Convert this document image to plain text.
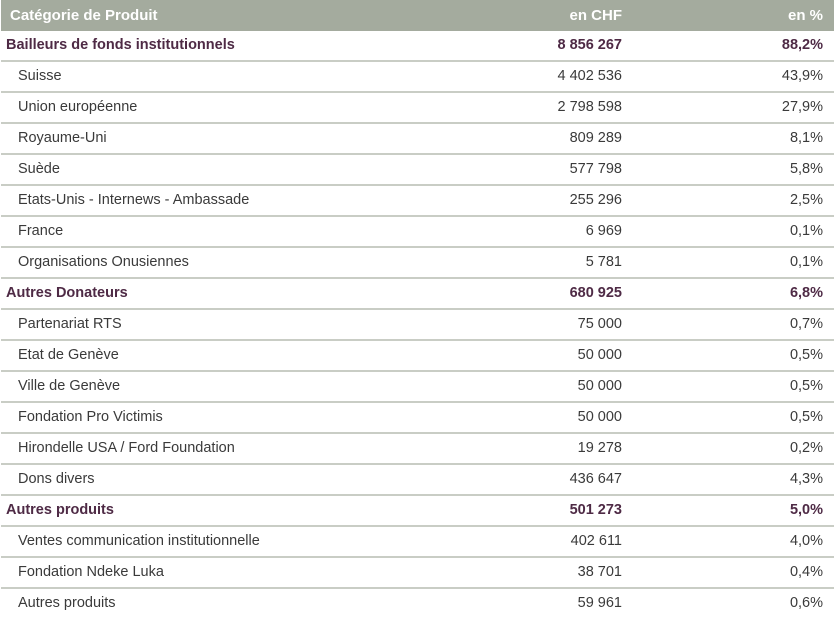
Catégorie de Produit	en CHF	en %
Bailleurs de fonds institutionnels	8 856 267	88,2%
Suisse	4 402 536	43,9%
Union européenne	2 798 598	27,9%
Royaume-Uni	809 289	8,1%
Suède	577 798	5,8%
Etats-Unis - Internews - Ambassade	255 296	2,5%
France	6 969	0,1%
Organisations Onusiennes	5 781	0,1%
Autres Donateurs	680 925	6,8%
Partenariat RTS	75 000	0,7%
Etat de Genève	50 000	0,5%
Ville de Genève	50 000	0,5%
Fondation Pro Victimis	50 000	0,5%
Hirondelle USA / Ford Foundation	19 278	0,2%
Dons divers	436 647	4,3%
Autres produits	501 273	5,0%
Ventes communication institutionnelle	402 611	4,0%
Fondation Ndeke Luka	38 701	0,4%
Autres produits	59 961	0,6%
